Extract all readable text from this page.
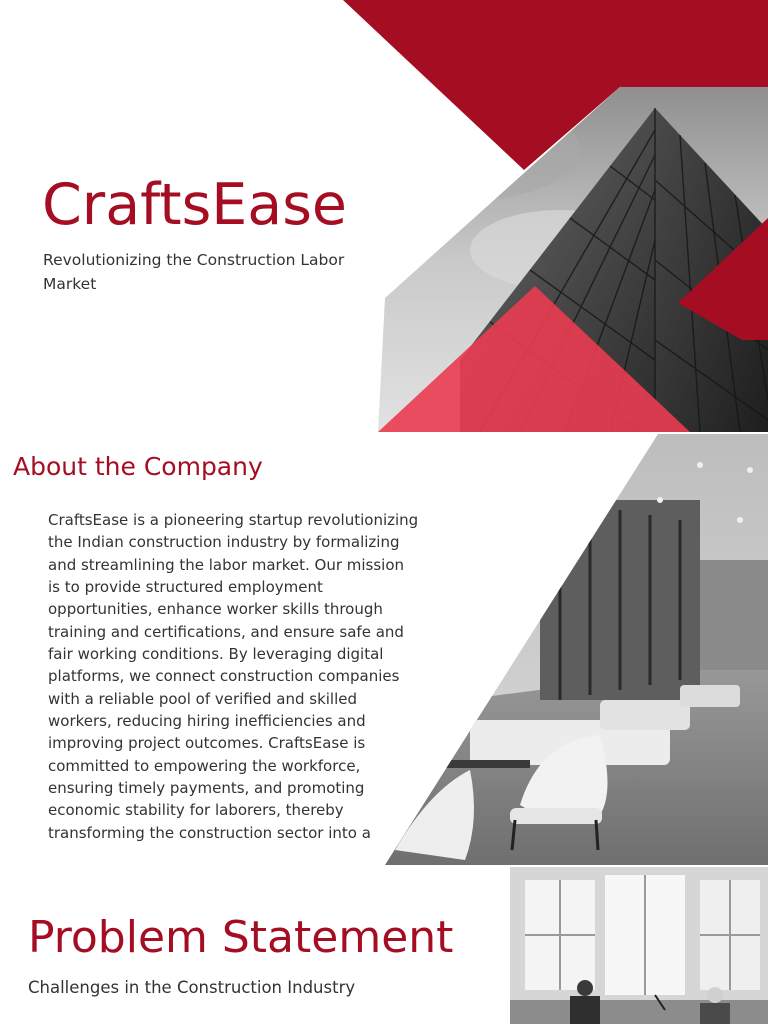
CraftsEase

Revolutionizing the Construction Labor Market

About the Company

CraftsEase is a pioneering startup revolutionizing the Indian construction industry by formalizing and streamlining the labor market. Our mission is to provide structured employment opportunities, enhance worker skills through training and certifications, and ensure safe and fair working conditions. By leveraging digital platforms, we connect construction companies with a reliable pool of verified and skilled workers, reducing hiring inefficiencies and improving project outcomes. CraftsEase is committed to empowering the workforce, ensuring timely payments, and promoting economic stability for laborers, thereby transforming the construction sector into a

Problem Statement

Challenges in the Construction Industry
